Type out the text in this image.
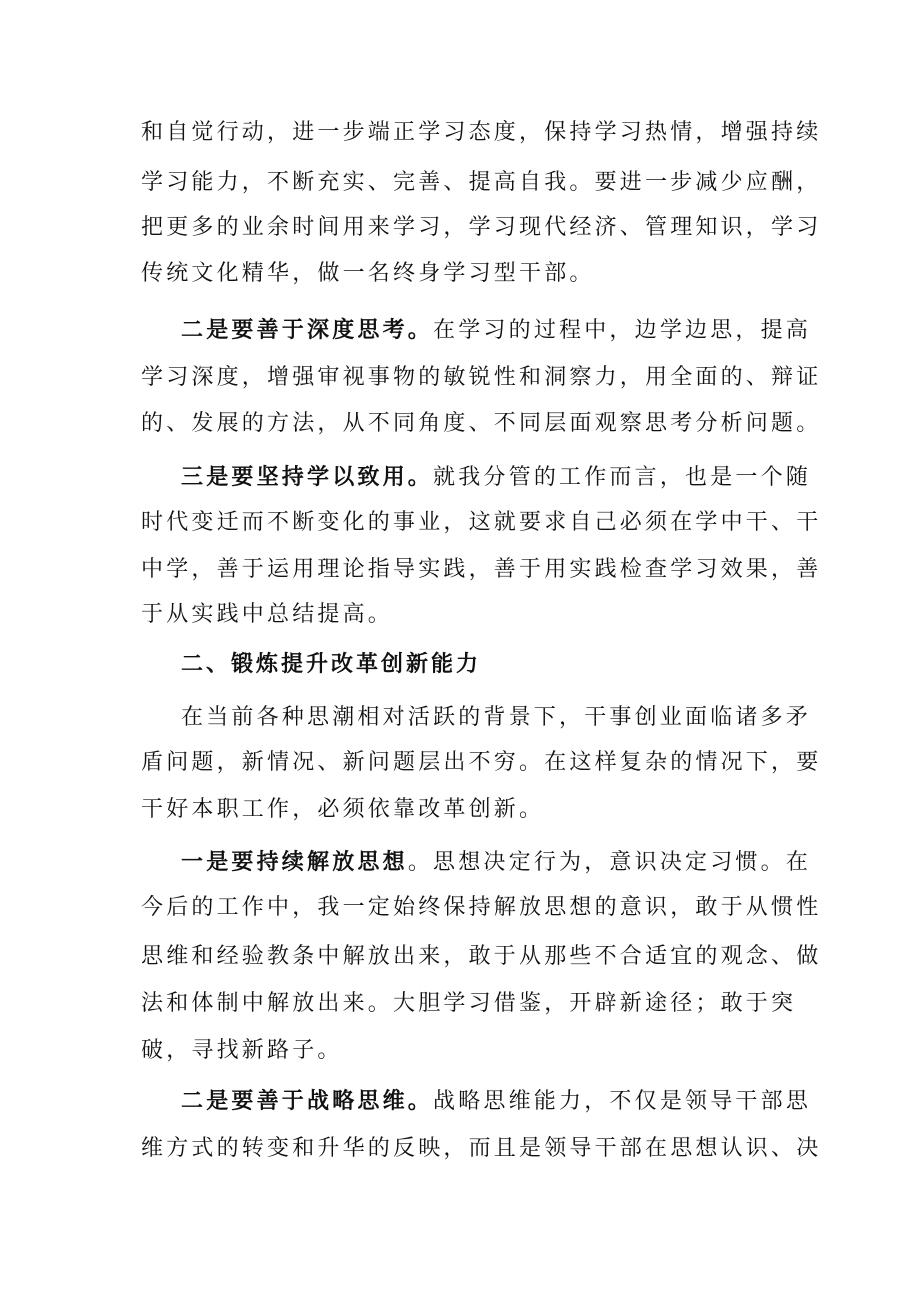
和自觉行动，进一步端正学习态度，保持学习热情，增强持续
学习能力，不断充实、完善、提高自我。要进一步减少应酬，
把更多的业余时间用来学习，学习现代经济、管理知识，学习
传统文化精华，做一名终身学习型干部。
二是要善于深度思考。在学习的过程中，边学边思，提高
学习深度，增强审视事物的敏锐性和洞察力，用全面的、辩证
的、发展的方法，从不同角度、不同层面观察思考分析问题。
三是要坚持学以致用。就我分管的工作而言，也是一个随
时代变迁而不断变化的事业，这就要求自己必须在学中干、干
中学，善于运用理论指导实践，善于用实践检查学习效果，善
于从实践中总结提高。
二、锻炼提升改革创新能力
在当前各种思潮相对活跃的背景下，干事创业面临诸多矛
盾问题，新情况、新问题层出不穷。在这样复杂的情况下，要
干好本职工作，必须依靠改革创新。
一是要持续解放思想。思想决定行为，意识决定习惯。在
今后的工作中，我一定始终保持解放思想的意识，敢于从惯性
思维和经验教条中解放出来，敢于从那些不合适宜的观念、做
法和体制中解放出来。大胆学习借鉴，开辟新途径；敢于突
破，寻找新路子。
二是要善于战略思维。战略思维能力，不仅是领导干部思
维方式的转变和升华的反映，而且是领导干部在思想认识、决
